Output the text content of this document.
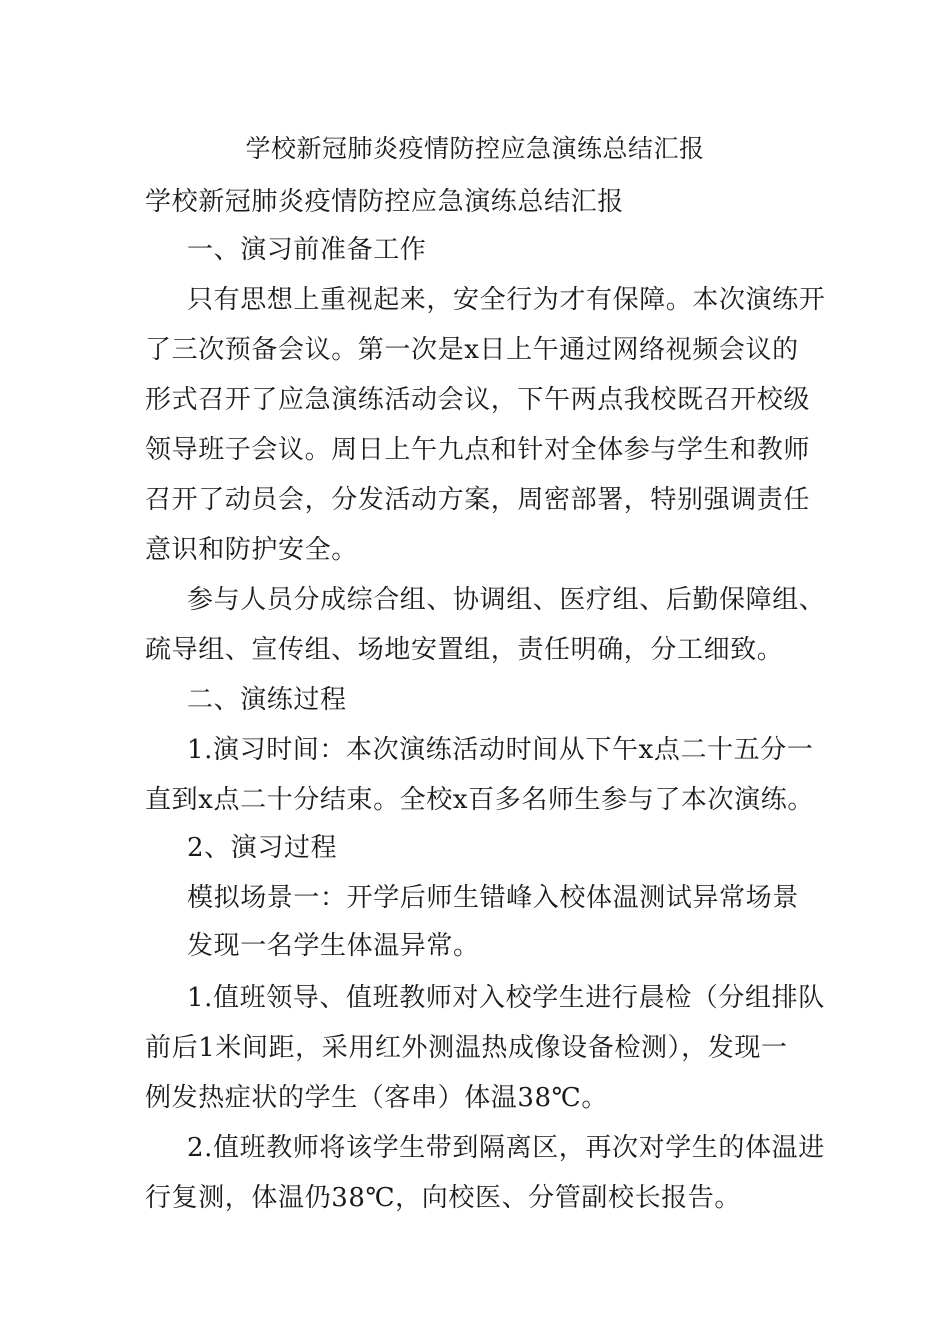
学校新冠肺炎疫情防控应急演练总结汇报
学校新冠肺炎疫情防控应急演练总结汇报
一、演习前准备工作
只有思想上重视起来，安全行为才有保障。本次演练开
了三次预备会议。第一次是x日上午通过网络视频会议的
形式召开了应急演练活动会议，下午两点我校既召开校级
领导班子会议。周日上午九点和针对全体参与学生和教师
召开了动员会，分发活动方案，周密部署，特别强调责任
意识和防护安全。
参与人员分成综合组、协调组、医疗组、后勤保障组、
疏导组、宣传组、场地安置组，责任明确，分工细致。
二、演练过程
1.演习时间：本次演练活动时间从下午x点二十五分一
直到x点二十分结束。全校x百多名师生参与了本次演练。
2、演习过程
模拟场景一：开学后师生错峰入校体温测试异常场景
发现一名学生体温异常。
1.值班领导、值班教师对入校学生进行晨检（分组排队
前后1米间距，采用红外测温热成像设备检测），发现一
例发热症状的学生（客串）体温38℃。
2.值班教师将该学生带到隔离区，再次对学生的体温进
行复测，体温仍38℃，向校医、分管副校长报告。
